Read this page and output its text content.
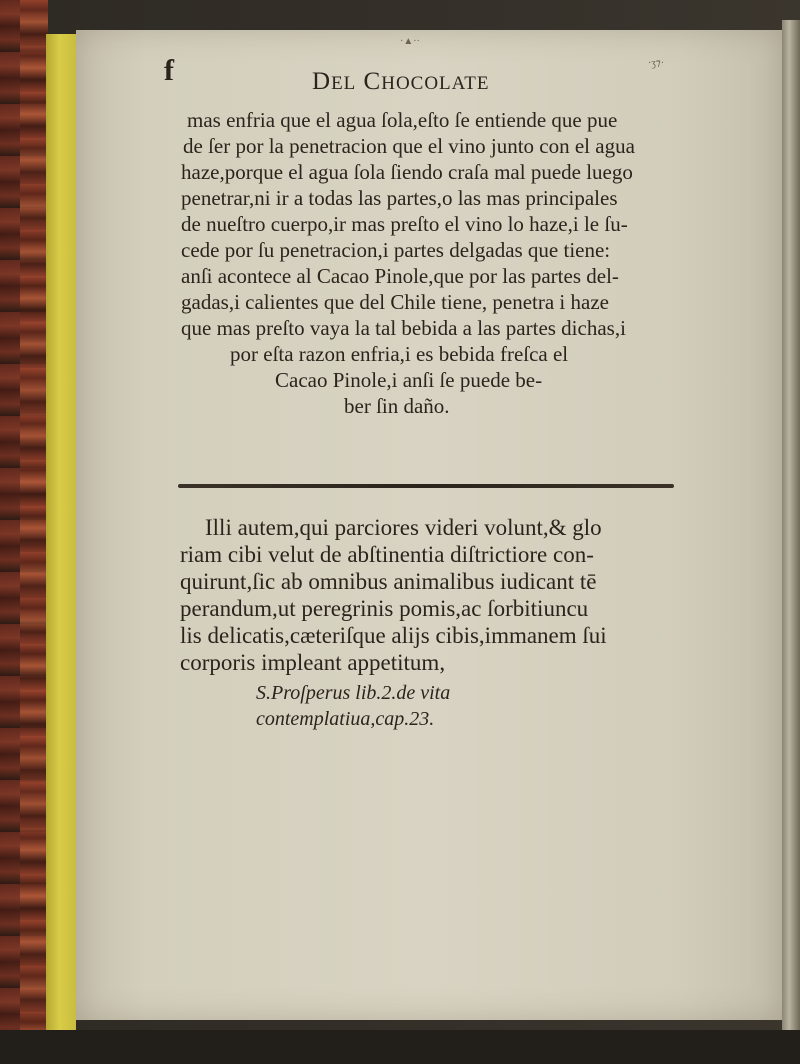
·▲··
·ʒ⁊·
f	DEL CHOCOLATE
mas enfria que el agua ſola,eſto ſe entiende que pue
de ſer por la penetracion que el vino junto con el agua
haze,porque el agua ſola ſiendo craſa mal puede luego
penetrar,ni ir a todas las partes,o las mas principales
de nueſtro cuerpo,ir mas preſto el vino lo haze,i le ſu-
cede por ſu penetracion,i partes delgadas que tiene:
anſi acontece al Cacao Pinole,que por las partes del-
gadas,i calientes que del Chile tiene, penetra i haze
que mas preſto vaya la tal bebida a las partes dichas,i
por eſta razon enfria,i es bebida freſca el
Cacao Pinole,i anſi ſe puede be-
ber ſin daño.
Illi autem,qui parciores videri volunt,& glo
riam cibi velut de abſtinentia diſtrictiore con-
quirunt,ſic ab omnibus animalibus iudicant tē
perandum,ut peregrinis pomis,ac ſorbitiuncu
lis delicatis,cæteriſque alijs cibis,immanem ſui
corporis impleant appetitum,
S.Proſperus lib.2.de vita
contemplatiua,cap.23.
